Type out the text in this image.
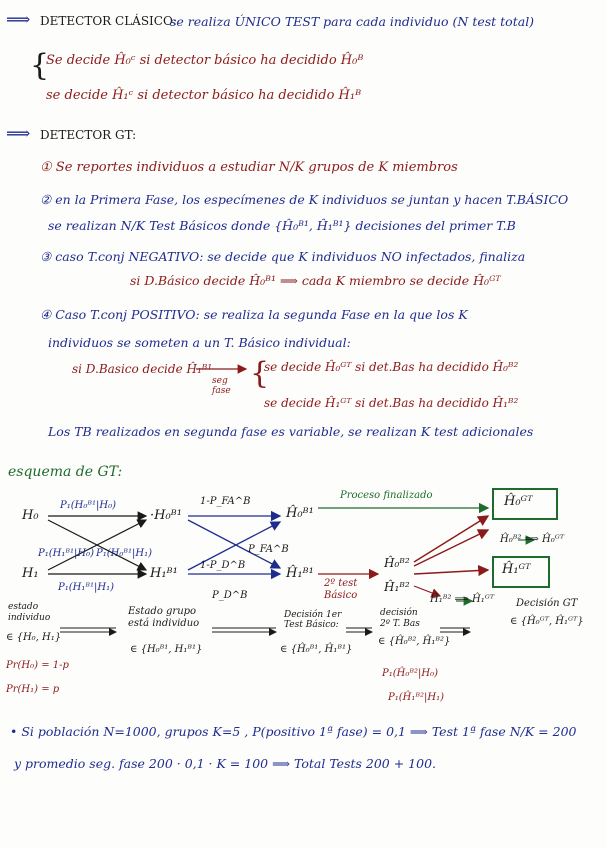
⟹ DETECTOR CLÁSICO:
se realiza ÚNICO TEST para cada individuo (N test total)
{
Se decide Ĥ₀ᶜ si detector básico ha decidido Ĥ₀ᴮ
se decide Ĥ₁ᶜ si detector básico ha decidido Ĥ₁ᴮ
⟹ DETECTOR GT:
① Se reportes individuos a estudiar N/K grupos de K miembros
② en la Primera Fase, los especímenes de K individuos se juntan y hacen T.BÁSICO
se realizan N/K Test Básicos donde {Ĥ₀ᴮ¹, Ĥ₁ᴮ¹} decisiones del primer T.B
③ caso T.conj NEGATIVO: se decide que K individuos NO infectados, finaliza
si D.Básico decide Ĥ₀ᴮ¹ ⟹ cada K miembro se decide Ĥ₀ᴳᵀ
④ Caso T.conj POSITIVO: se realiza la segunda Fase en la que los K
individuos se someten a un T. Básico individual:
si D.Basico decide Ĥ₁ᴮ¹
seg fase {
se decide Ĥ₀ᴳᵀ si det.Bas ha decidido Ĥ₀ᴮ²
se decide Ĥ₁ᴳᵀ si det.Bas ha decidido Ĥ₁ᴮ²
Los TB realizados en segunda fase es variable, se realizan K test adicionales
esquema de GT:
H₀
H₁
P₁(H₀ᴮ¹|H₀)
P₁(H₁ᴮ¹|H₀) P₁(H₀ᴮ¹|H₁)
P₁(H₁ᴮ¹|H₁)
·H₀ᴮ¹
H₁ᴮ¹
1-P_FA^B
P_FA^B
1-P_D^B
P_D^B
Ĥ₀ᴮ¹
Ĥ₁ᴮ¹
Proceso finalizado
2º test Básico
Ĥ₀ᴮ²
Ĥ₁ᴮ²
Ĥ₀ᴳᵀ
Ĥ₀ᴮ² ⟹ Ĥ₀ᴳᵀ
Ĥ₁ᴳᵀ
Ĥ₁ᴮ² ⟹ Ĥ₁ᴳᵀ
estado individuo
∈ {H₀, H₁}
Estado grupo está individuo
∈ {H₀ᴮ¹, H₁ᴮ¹}
Decisión 1er Test Básico:
∈ {Ĥ₀ᴮ¹, Ĥ₁ᴮ¹}
decisión 2º T. Bas
∈ {Ĥ₀ᴮ², Ĥ₁ᴮ²}
Decisión GT
∈ {Ĥ₀ᴳᵀ, Ĥ₁ᴳᵀ}
Pr(H₀) = 1-p
Pr(H₁) = p
P₁(Ĥ₀ᴮ²|H₀)
P₁(Ĥ₁ᴮ²|H₁)
• Si población N=1000, grupos K=5 , P(positivo 1ª fase) = 0,1 ⟹ Test 1ª fase N/K = 200
y promedio seg. fase 200 · 0,1 · K = 100 ⟹ Total Tests 200 + 100.
